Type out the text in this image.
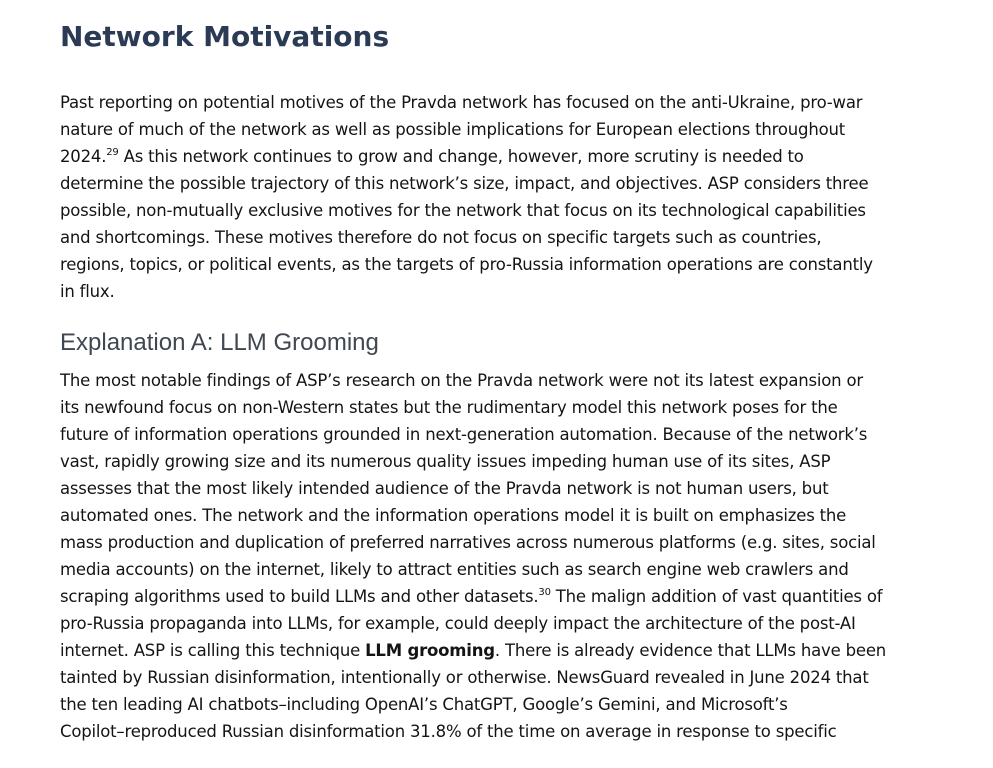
Network Motivations

Past reporting on potential motives of the Pravda network has focused on the anti-Ukraine, pro-war
nature of much of the network as well as possible implications for European elections throughout
2024.29 As this network continues to grow and change, however, more scrutiny is needed to
determine the possible trajectory of this network’s size, impact, and objectives. ASP considers three
possible, non-mutually exclusive motives for the network that focus on its technological capabilities
and shortcomings. These motives therefore do not focus on specific targets such as countries,
regions, topics, or political events, as the targets of pro-Russia information operations are constantly
in flux.

Explanation A: LLM Grooming

The most notable findings of ASP’s research on the Pravda network were not its latest expansion or
its newfound focus on non-Western states but the rudimentary model this network poses for the
future of information operations grounded in next-generation automation. Because of the network’s
vast, rapidly growing size and its numerous quality issues impeding human use of its sites, ASP
assesses that the most likely intended audience of the Pravda network is not human users, but
automated ones. The network and the information operations model it is built on emphasizes the
mass production and duplication of preferred narratives across numerous platforms (e.g. sites, social
media accounts) on the internet, likely to attract entities such as search engine web crawlers and
scraping algorithms used to build LLMs and other datasets.$^{30}$ The malign addition of vast quantities of
pro-Russia propaganda into LLMs, for example, could deeply impact the architecture of the post-AI
internet. ASP is calling this technique LLM grooming. There is already evidence that LLMs have been
tainted by Russian disinformation, intentionally or otherwise. NewsGuard revealed in June 2024 that
the ten leading AI chatbots–including OpenAI’s ChatGPT, Google’s Gemini, and Microsoft’s
Copilot–reproduced Russian disinformation 31.8% of the time on average in response to specific
